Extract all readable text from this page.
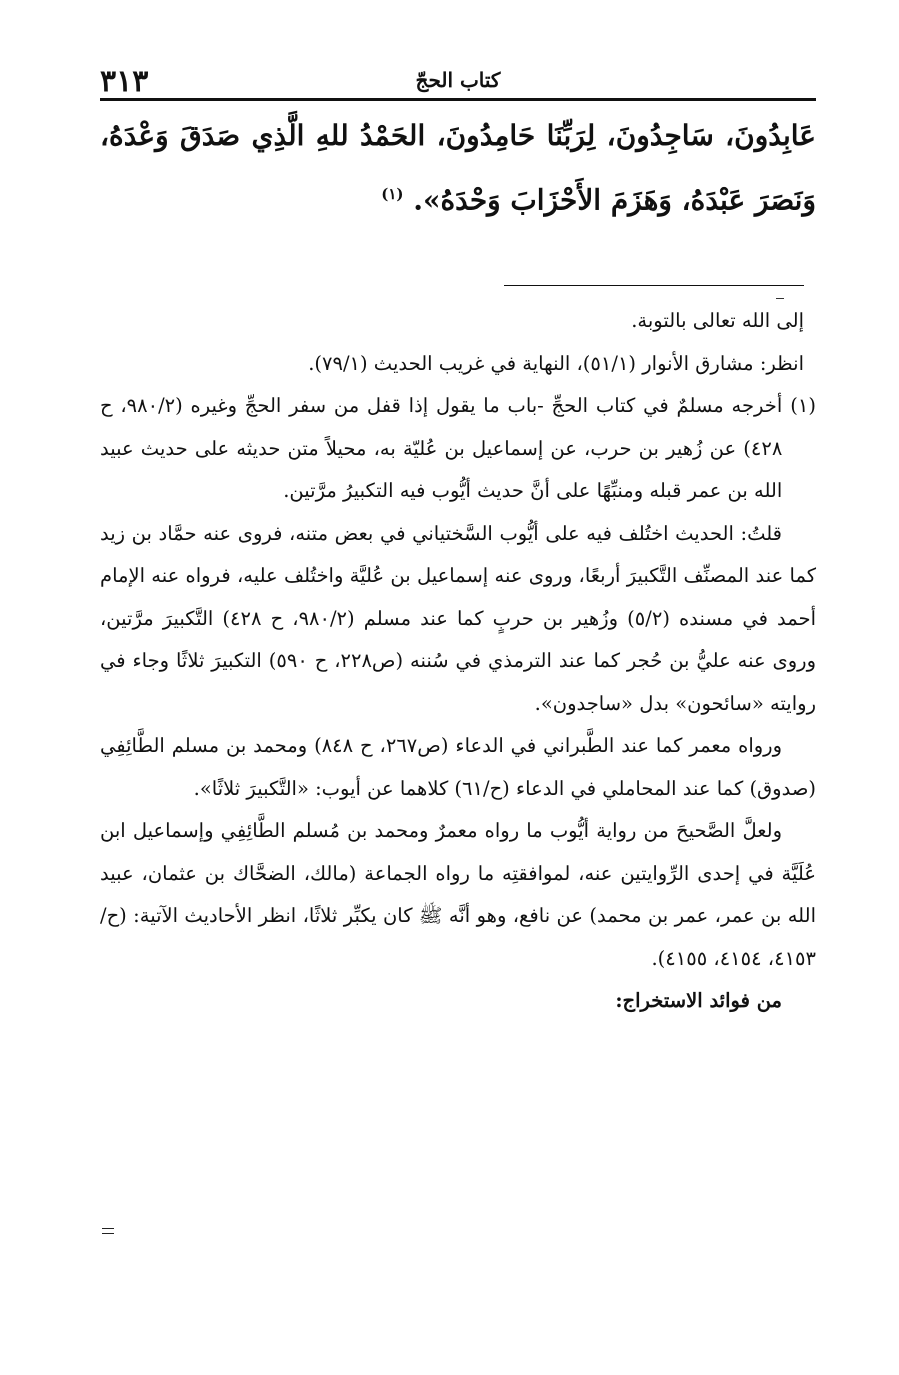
كتاب الحجّ
٣١٣
عَابِدُونَ، سَاجِدُونَ، لِرَبِّنَا حَامِدُونَ، الحَمْدُ للهِ الَّذِي صَدَقَ وَعْدَهُ، وَنَصَرَ عَبْدَهُ، وَهَزَمَ الأَحْزَابَ وَحْدَهُ». $^{(١)}$

إلى الله تعالى بالتوبة.

انظر: مشارق الأنوار (٥١/١)، النهاية في غريب الحديث (٧٩/١).

(١)
أخرجه مسلمٌ في كتاب الحجِّ -باب ما يقول إذا قفل من سفر الحجِّ وغيره (٩٨٠/٢، ح ٤٢٨) عن زُهير بن حرب، عن إسماعيل بن عُليّة به، محيلاً متن حديثه على حديث عبيد الله بن عمر قبله ومنبِّهًا على أنَّ حديث أيُّوب فيه التكبيرُ مرَّتين.

قلتُ: الحديث اختُلف فيه على أيُّوب السَّختياني في بعض متنه، فروى عنه حمَّاد بن زيد كما عند المصنِّف التَّكبيرَ أربعًا، وروى عنه إسماعيل بن عُليَّة واختُلف عليه، فرواه عنه الإمام أحمد في مسنده (٥/٢) وزُهير بن حربٍ كما عند مسلم (٩٨٠/٢، ح ٤٢٨) التَّكبيرَ مرَّتين، وروى عنه عليُّ بن حُجر كما عند الترمذي في سُننه (ص٢٢٨، ح ٥٩٠) التكبيرَ ثلاثًا وجاء في روايته «سائحون» بدل «ساجدون».

ورواه معمر كما عند الطَّبراني في الدعاء (ص٢٦٧، ح ٨٤٨) ومحمد بن مسلم الطَّائِفِي (صدوق) كما عند المحاملي في الدعاء (ح/٦١) كلاهما عن أيوب: «التَّكبيرَ ثلاثًا».

ولعلَّ الصَّحيحَ من رواية أيُّوب ما رواه معمرٌ ومحمد بن مُسلم الطَّائِفِي وإسماعيل ابن عُلَيَّة في إحدى الرِّوايتين عنه، لموافقتِه ما رواه الجماعة (مالك، الضحَّاك بن عثمان، عبيد الله بن عمر، عمر بن محمد) عن نافع، وهو أنَّه ﷺ كان يكبِّر ثلاثًا، انظر الأحاديث الآتية: (ح/٤١٥٣، ٤١٥٤، ٤١٥٥).

من فوائد الاستخراج:
